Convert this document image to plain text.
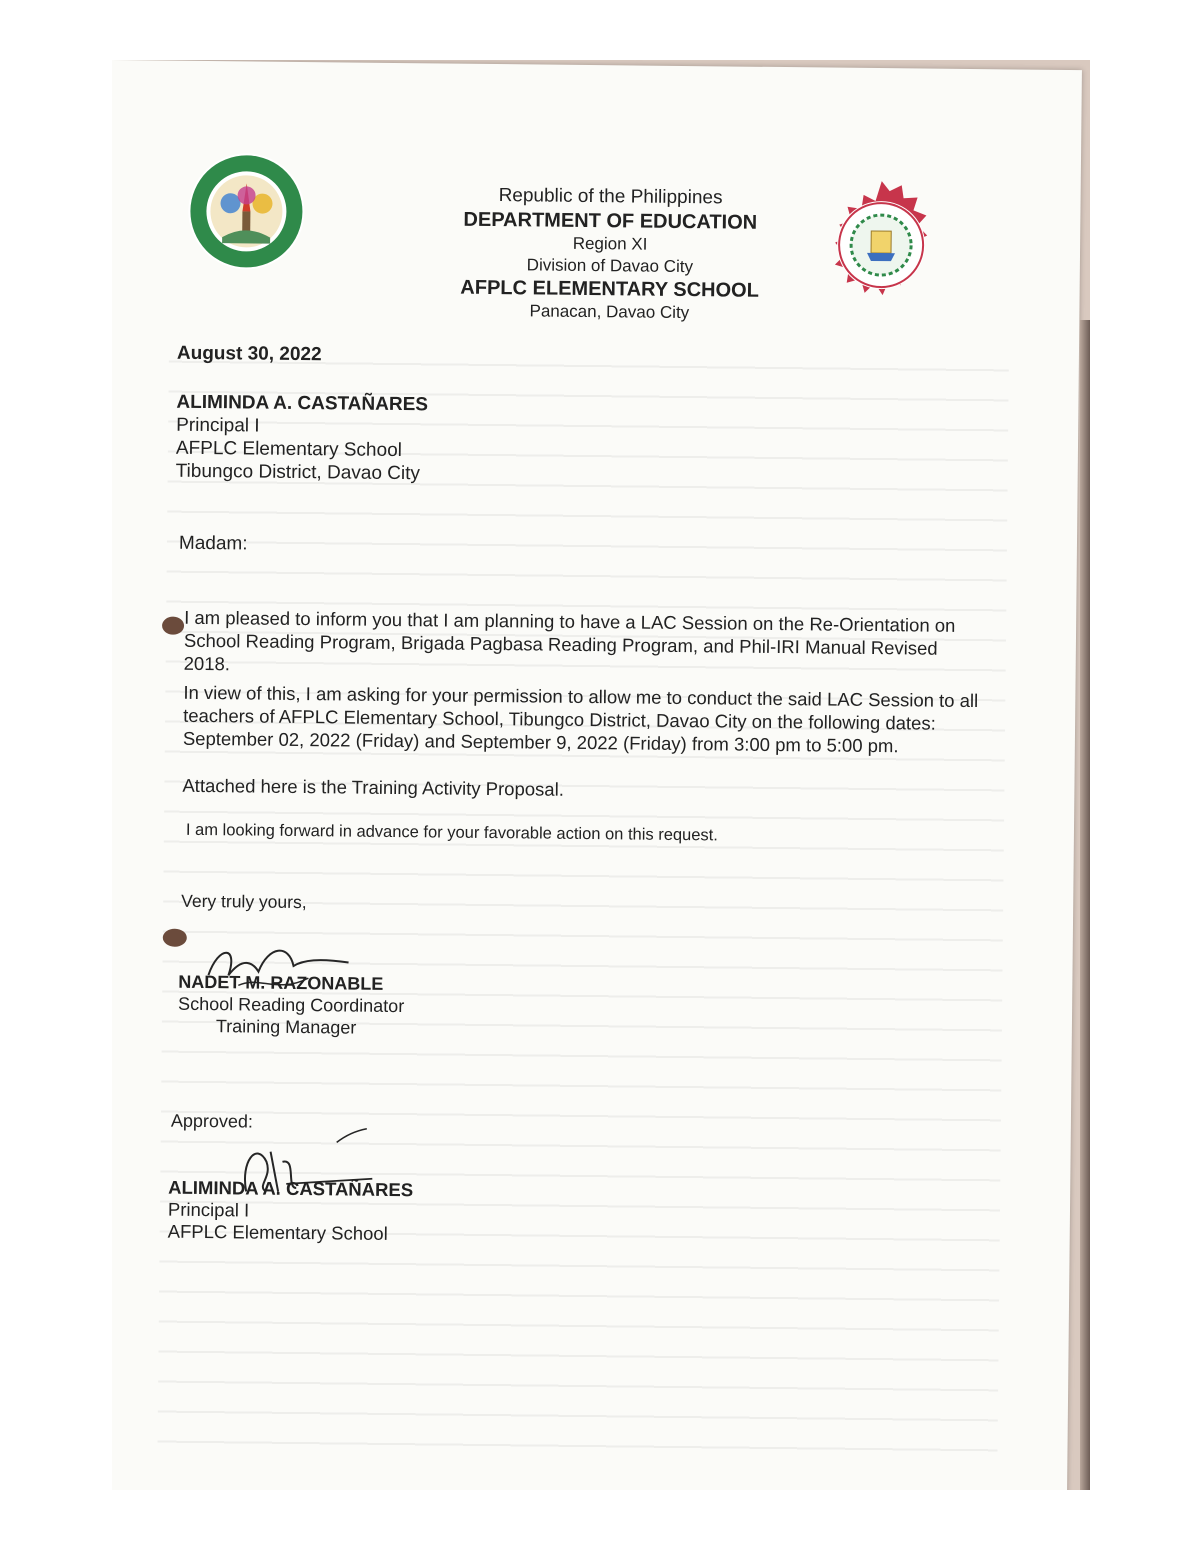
Republic of the Philippines
DEPARTMENT OF EDUCATION
Region XI
Division of Davao City
AFPLC ELEMENTARY SCHOOL
Panacan, Davao City
August 30, 2022
ALIMINDA A. CASTAÑARES
Principal I
AFPLC Elementary School
Tibungco District, Davao City
Madam:
I am pleased to inform you that I am planning to have a LAC Session on the Re-Orientation on School Reading Program, Brigada Pagbasa Reading Program, and Phil-IRI Manual Revised 2018.
In view of this, I am asking for your permission to allow me to conduct the said LAC Session to all teachers of AFPLC Elementary School, Tibungco District, Davao City on the following dates: September 02, 2022 (Friday) and September 9, 2022 (Friday) from 3:00 pm to 5:00 pm.
Attached here is the Training Activity Proposal.
I am looking forward in advance for your favorable action on this request.
Very truly yours,
NADET M. RAZONABLE
School Reading Coordinator
Training Manager
Approved:
ALIMINDA A. CASTAÑARES
Principal I
AFPLC Elementary School
